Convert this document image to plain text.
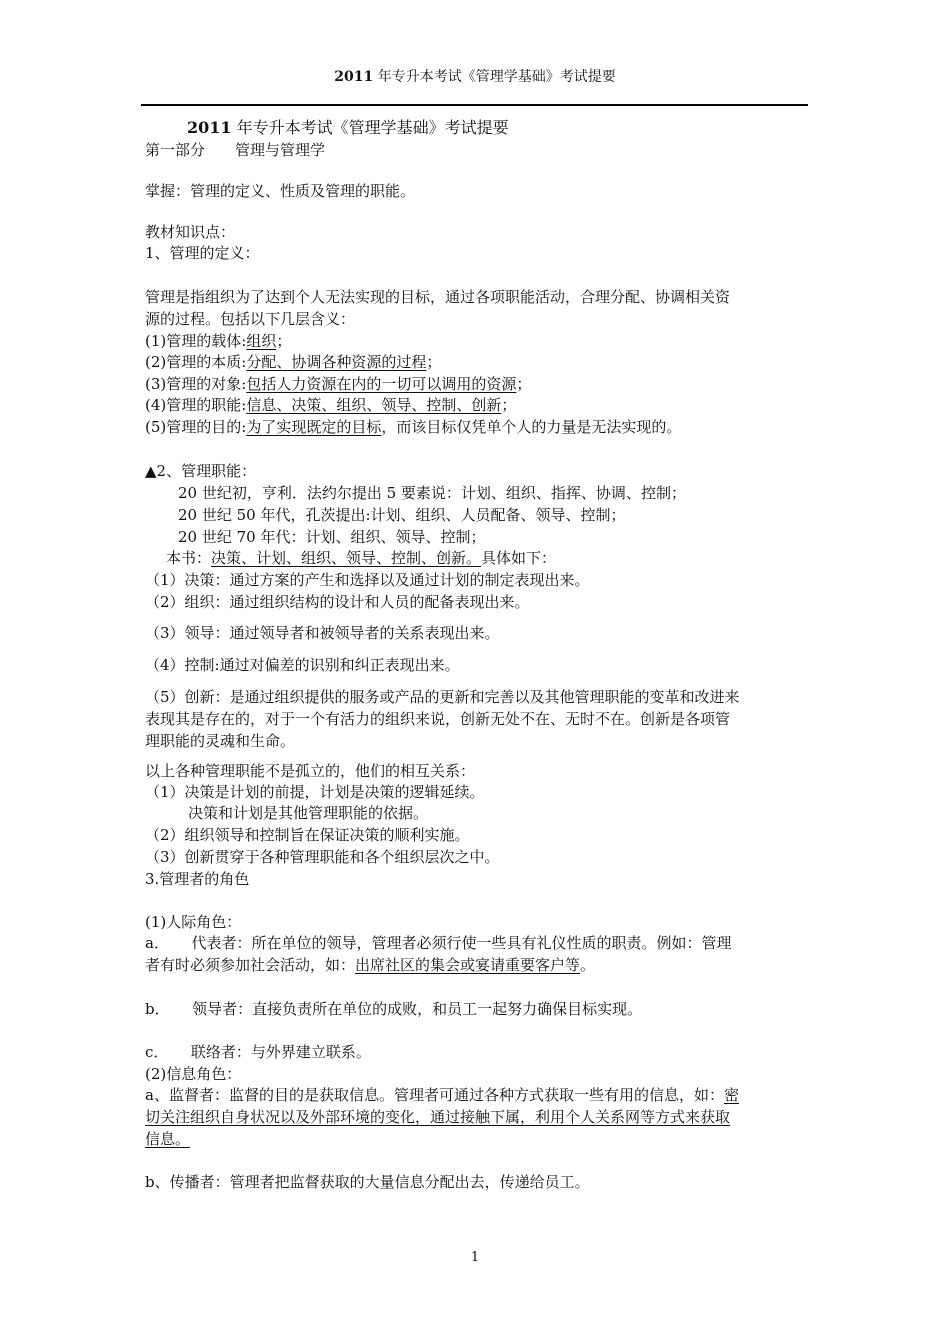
2011 年专升本考试《管理学基础》考试提要
2011 年专升本考试《管理学基础》考试提要
第一部分　　管理与管理学
掌握：管理的定义、性质及管理的职能。
教材知识点：
1、管理的定义：
管理是指组织为了达到个人无法实现的目标，通过各项职能活动，合理分配、协调相关资
源的过程。包括以下几层含义：
(1)管理的载体:组织；
(2)管理的本质:分配、协调各种资源的过程；
(3)管理的对象:包括人力资源在内的一切可以调用的资源；
(4)管理的职能:信息、决策、组织、领导、控制、创新；
(5)管理的目的:为了实现既定的目标，而该目标仅凭单个人的力量是无法实现的。
▲2、管理职能：
20 世纪初，亨利．法约尔提出 5 要素说：计划、组织、指挥、协调、控制；
20 世纪 50 年代，孔茨提出:计划、组织、人员配备、领导、控制；
20 世纪 70 年代：计划、组织、领导、控制；
本书：决策、计划、组织、领导、控制、创新。具体如下：
（1）决策：通过方案的产生和选择以及通过计划的制定表现出来。
（2）组织：通过组织结构的设计和人员的配备表现出来。
（3）领导：通过领导者和被领导者的关系表现出来。
（4）控制:通过对偏差的识别和纠正表现出来。
（5）创新：是通过组织提供的服务或产品的更新和完善以及其他管理职能的变革和改进来
表现其是存在的，对于一个有活力的组织来说，创新无处不在、无时不在。创新是各项管
理职能的灵魂和生命。
以上各种管理职能不是孤立的，他们的相互关系：
（1）决策是计划的前提，计划是决策的逻辑延续。
决策和计划是其他管理职能的依据。
（2）组织领导和控制旨在保证决策的顺利实施。
（3）创新贯穿于各种管理职能和各个组织层次之中。
3.管理者的角色
(1)人际角色：
a．　　代表者：所在单位的领导，管理者必须行使一些具有礼仪性质的职责。例如：管理
者有时必须参加社会活动，如：出席社区的集会或宴请重要客户等。
b．　　领导者：直接负责所在单位的成败，和员工一起努力确保目标实现。
c．　　联络者：与外界建立联系。
(2)信息角色：
a、监督者：监督的目的是获取信息。管理者可通过各种方式获取一些有用的信息，如：密
切关注组织自身状况以及外部环境的变化，通过接触下属，利用个人关系网等方式来获取
信息。
b、传播者：管理者把监督获取的大量信息分配出去，传递给员工。
1
